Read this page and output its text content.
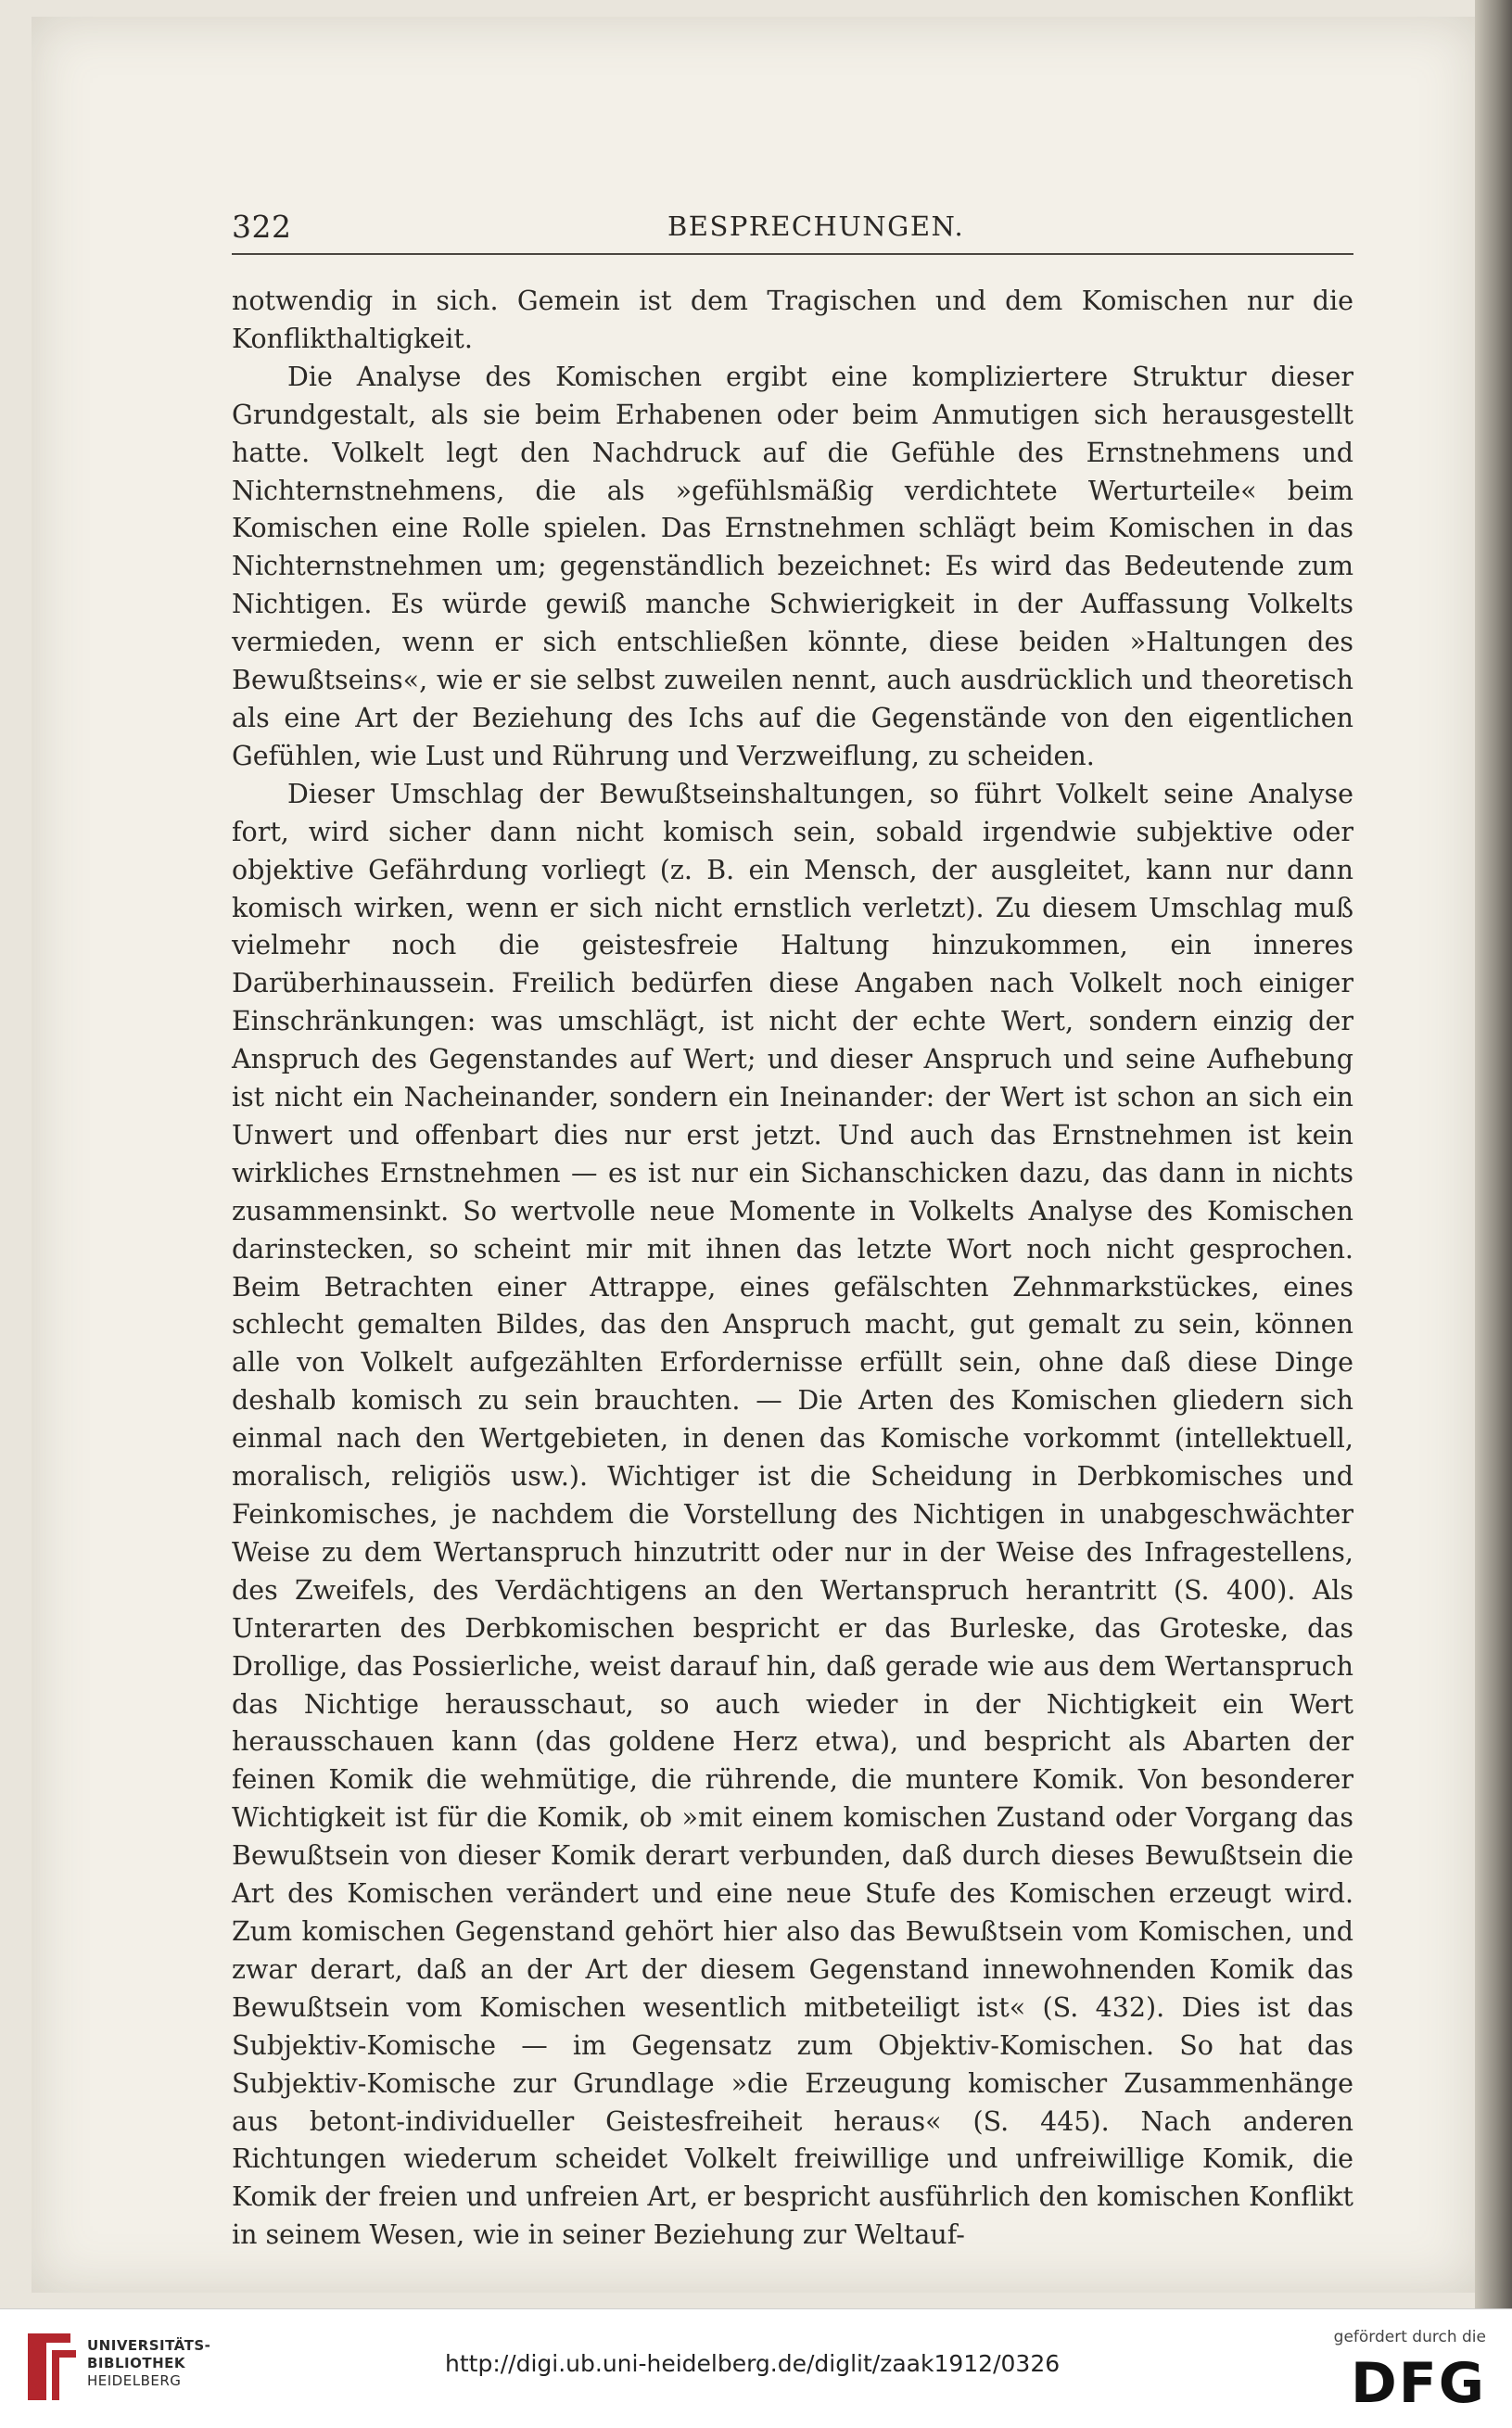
322	BESPRECHUNGEN.

notwendig in sich. Gemein ist dem Tragischen und dem Komischen nur die Konflikthaltigkeit.

Die Analyse des Komischen ergibt eine kompliziertere Struktur dieser Grundgestalt, als sie beim Erhabenen oder beim Anmutigen sich herausgestellt hatte. Volkelt legt den Nachdruck auf die Gefühle des Ernstnehmens und Nichternstnehmens, die als »gefühlsmäßig verdichtete Werturteile« beim Komischen eine Rolle spielen. Das Ernstnehmen schlägt beim Komischen in das Nichternstnehmen um; gegenständlich bezeichnet: Es wird das Bedeutende zum Nichtigen. Es würde gewiß manche Schwierigkeit in der Auffassung Volkelts vermieden, wenn er sich entschließen könnte, diese beiden »Haltungen des Bewußtseins«, wie er sie selbst zuweilen nennt, auch ausdrücklich und theoretisch als eine Art der Beziehung des Ichs auf die Gegenstände von den eigentlichen Gefühlen, wie Lust und Rührung und Verzweiflung, zu scheiden.

Dieser Umschlag der Bewußtseinshaltungen, so führt Volkelt seine Analyse fort, wird sicher dann nicht komisch sein, sobald irgendwie subjektive oder objektive Gefährdung vorliegt (z. B. ein Mensch, der ausgleitet, kann nur dann komisch wirken, wenn er sich nicht ernstlich verletzt). Zu diesem Umschlag muß vielmehr noch die geistesfreie Haltung hinzukommen, ein inneres Darüberhinaussein. Freilich bedürfen diese Angaben nach Volkelt noch einiger Einschränkungen: was umschlägt, ist nicht der echte Wert, sondern einzig der Anspruch des Gegenstandes auf Wert; und dieser Anspruch und seine Aufhebung ist nicht ein Nacheinander, sondern ein Ineinander: der Wert ist schon an sich ein Unwert und offenbart dies nur erst jetzt. Und auch das Ernstnehmen ist kein wirkliches Ernstnehmen — es ist nur ein Sichanschicken dazu, das dann in nichts zusammensinkt. So wertvolle neue Momente in Volkelts Analyse des Komischen darinstecken, so scheint mir mit ihnen das letzte Wort noch nicht gesprochen. Beim Betrachten einer Attrappe, eines gefälschten Zehnmarkstückes, eines schlecht gemalten Bildes, das den Anspruch macht, gut gemalt zu sein, können alle von Volkelt aufgezählten Erfordernisse erfüllt sein, ohne daß diese Dinge deshalb komisch zu sein brauchten. — Die Arten des Komischen gliedern sich einmal nach den Wertgebieten, in denen das Komische vorkommt (intellektuell, moralisch, religiös usw.). Wichtiger ist die Scheidung in Derbkomisches und Feinkomisches, je nachdem die Vorstellung des Nichtigen in unabgeschwächter Weise zu dem Wertanspruch hinzutritt oder nur in der Weise des Infragestellens, des Zweifels, des Verdächtigens an den Wertanspruch herantritt (S. 400). Als Unterarten des Derbkomischen bespricht er das Burleske, das Groteske, das Drollige, das Possierliche, weist darauf hin, daß gerade wie aus dem Wertanspruch das Nichtige herausschaut, so auch wieder in der Nichtigkeit ein Wert herausschauen kann (das goldene Herz etwa), und bespricht als Abarten der feinen Komik die wehmütige, die rührende, die muntere Komik. Von besonderer Wichtigkeit ist für die Komik, ob »mit einem komischen Zustand oder Vorgang das Bewußtsein von dieser Komik derart verbunden, daß durch dieses Bewußtsein die Art des Komischen verändert und eine neue Stufe des Komischen erzeugt wird. Zum komischen Gegenstand gehört hier also das Bewußtsein vom Komischen, und zwar derart, daß an der Art der diesem Gegenstand innewohnenden Komik das Bewußtsein vom Komischen wesentlich mitbeteiligt ist« (S. 432). Dies ist das Subjektiv-Komische — im Gegensatz zum Objektiv-Komischen. So hat das Subjektiv-Komische zur Grundlage »die Erzeugung komischer Zusammenhänge aus betont-individueller Geistesfreiheit heraus« (S. 445). Nach anderen Richtungen wiederum scheidet Volkelt freiwillige und unfreiwillige Komik, die Komik der freien und unfreien Art, er bespricht ausführlich den komischen Konflikt in seinem Wesen, wie in seiner Beziehung zur Weltauf-

UNIVERSITÄTS-
BIBLIOTHEK
HEIDELBERG
http://digi.ub.uni-heidelberg.de/diglit/zaak1912/0326
gefördert durch die
DFG
